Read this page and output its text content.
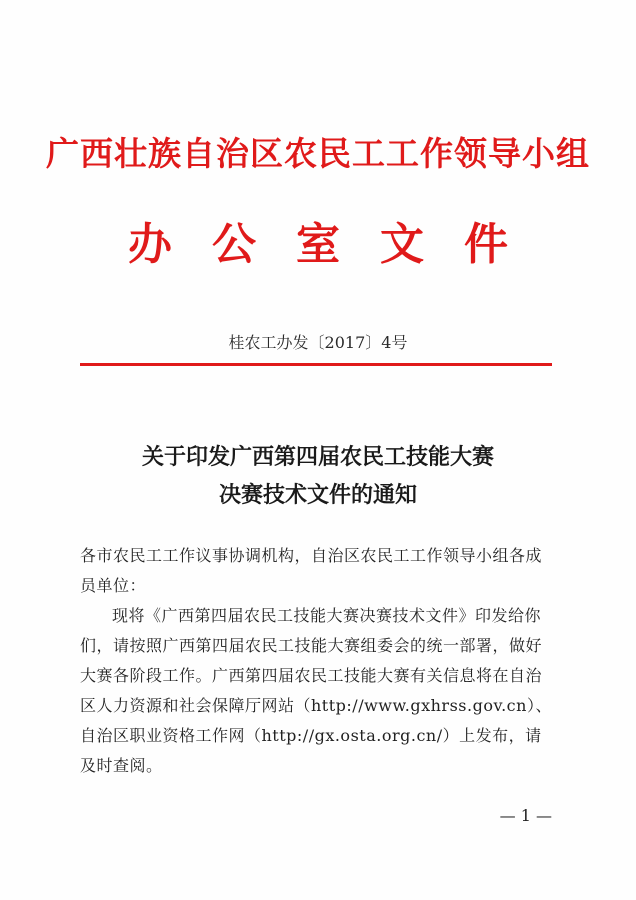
广西壮族自治区农民工工作领导小组
办公室文件
桂农工办发〔2017〕4号
关于印发广西第四届农民工技能大赛
决赛技术文件的通知
各市农民工工作议事协调机构，自治区农民工工作领导小组各成员单位：
现将《广西第四届农民工技能大赛决赛技术文件》印发给你们，请按照广西第四届农民工技能大赛组委会的统一部署，做好大赛各阶段工作。广西第四届农民工技能大赛有关信息将在自治区人力资源和社会保障厅网站（http://www.gxhrss.gov.cn）、自治区职业资格工作网（http://gx.osta.org.cn/）上发布，请及时查阅。
— 1 —
